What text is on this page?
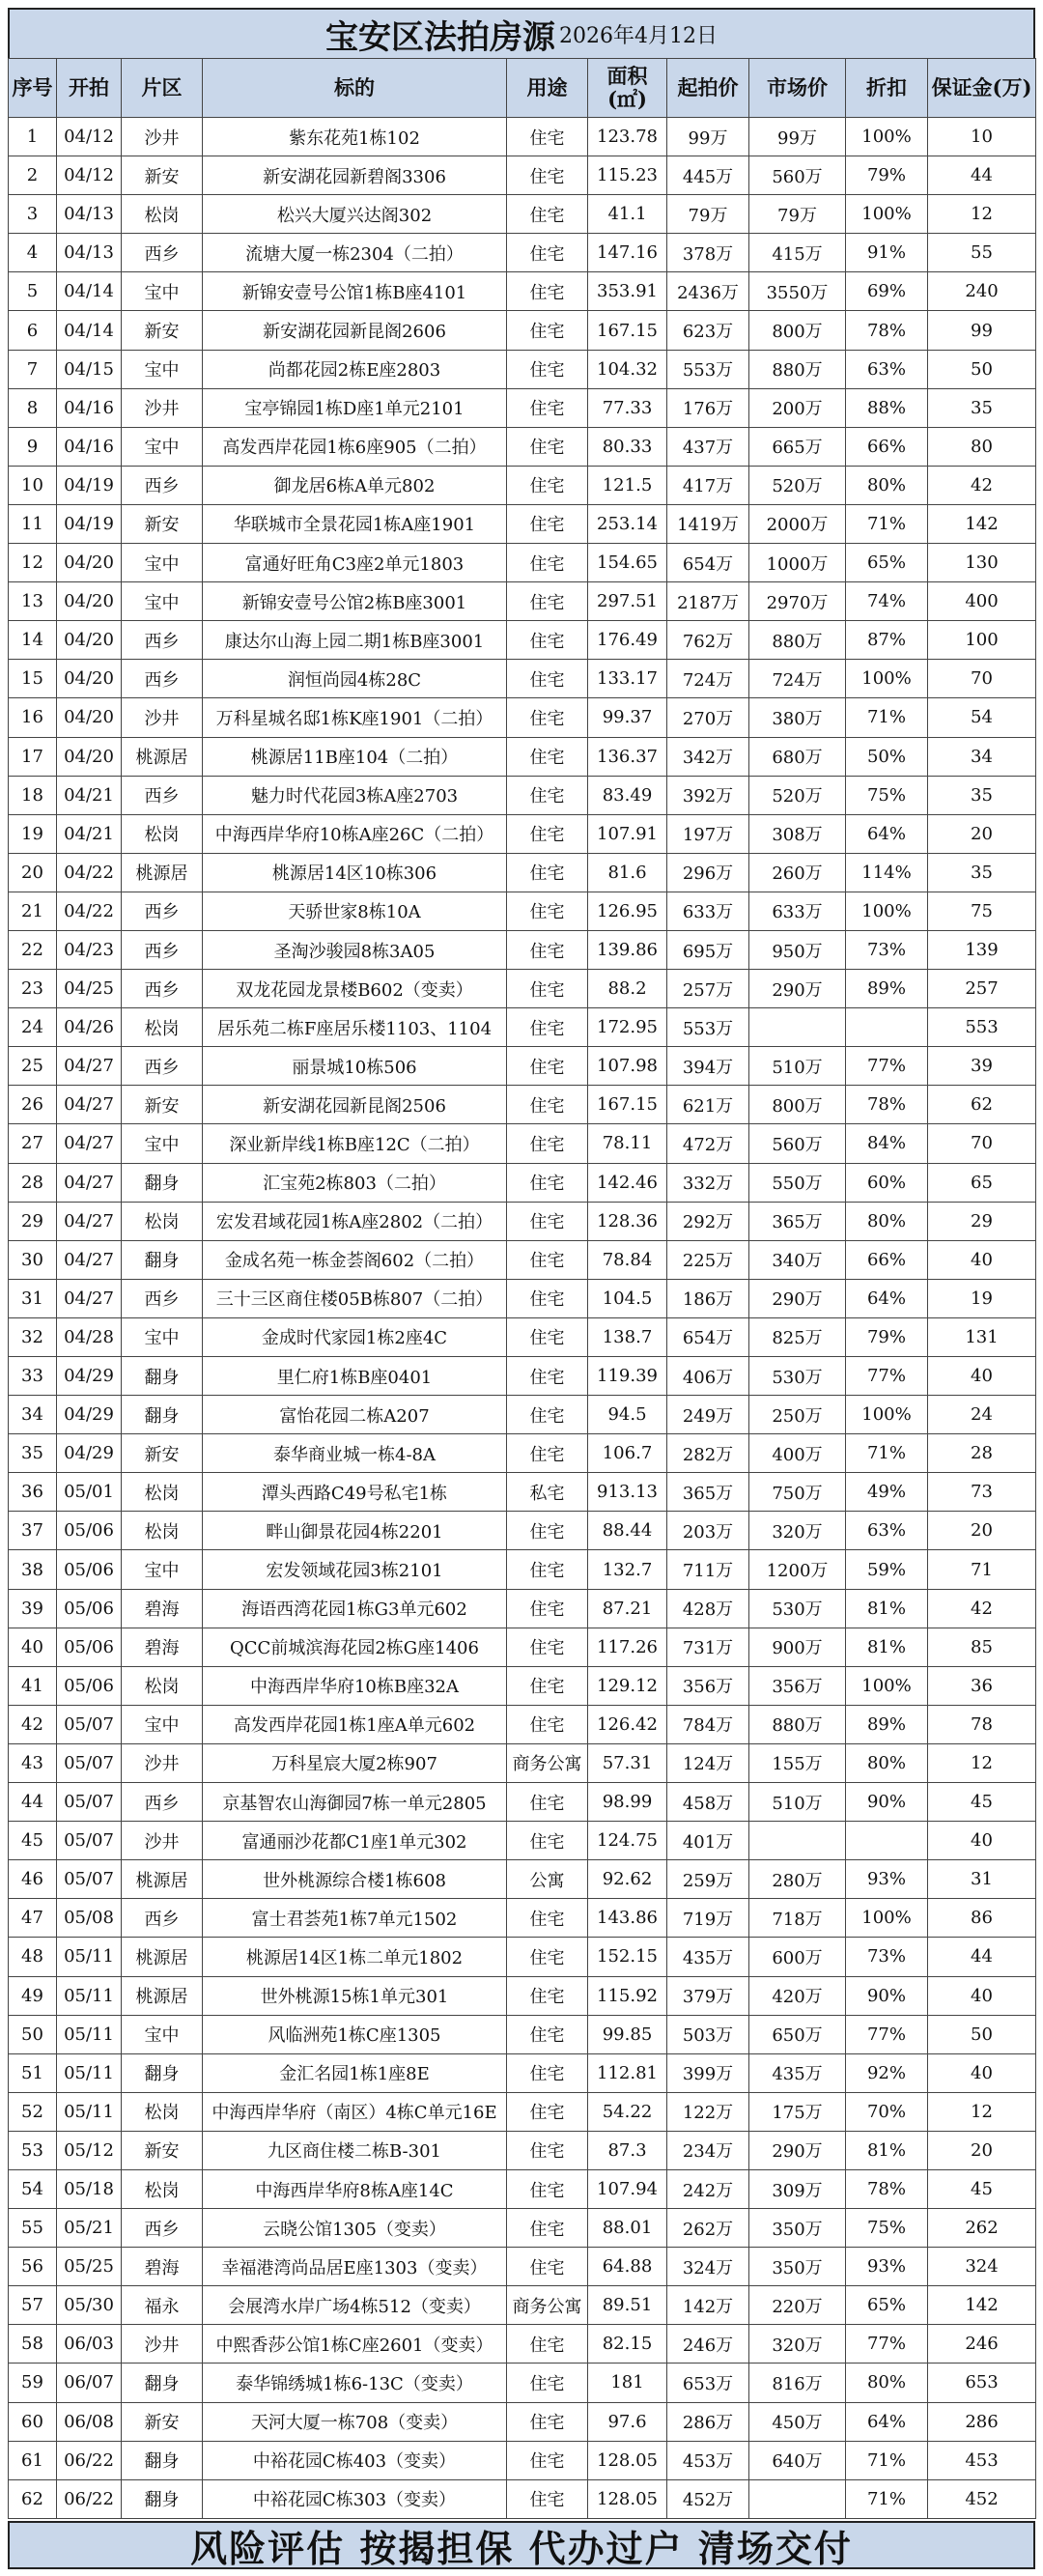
宝安区法拍房源 2026年4月12日
序号	开拍	片区	标的	用途	面积(㎡)	起拍价	市场价	折扣	保证金(万)
1	04/12	沙井	紫东花苑1栋102	住宅	123.78	99万	99万	100%	10
2	04/12	新安	新安湖花园新碧阁3306	住宅	115.23	445万	560万	79%	44
3	04/13	松岗	松兴大厦兴达阁302	住宅	41.1	79万	79万	100%	12
4	04/13	西乡	流塘大厦一栋2304（二拍）	住宅	147.16	378万	415万	91%	55
5	04/14	宝中	新锦安壹号公馆1栋B座4101	住宅	353.91	2436万	3550万	69%	240
6	04/14	新安	新安湖花园新昆阁2606	住宅	167.15	623万	800万	78%	99
7	04/15	宝中	尚都花园2栋E座2803	住宅	104.32	553万	880万	63%	50
8	04/16	沙井	宝亭锦园1栋D座1单元2101	住宅	77.33	176万	200万	88%	35
9	04/16	宝中	高发西岸花园1栋6座905（二拍）	住宅	80.33	437万	665万	66%	80
10	04/19	西乡	御龙居6栋A单元802	住宅	121.5	417万	520万	80%	42
11	04/19	新安	华联城市全景花园1栋A座1901	住宅	253.14	1419万	2000万	71%	142
12	04/20	宝中	富通好旺角C3座2单元1803	住宅	154.65	654万	1000万	65%	130
13	04/20	宝中	新锦安壹号公馆2栋B座3001	住宅	297.51	2187万	2970万	74%	400
14	04/20	西乡	康达尔山海上园二期1栋B座3001	住宅	176.49	762万	880万	87%	100
15	04/20	西乡	润恒尚园4栋28C	住宅	133.17	724万	724万	100%	70
16	04/20	沙井	万科星城名邸1栋K座1901（二拍）	住宅	99.37	270万	380万	71%	54
17	04/20	桃源居	桃源居11B座104（二拍）	住宅	136.37	342万	680万	50%	34
18	04/21	西乡	魅力时代花园3栋A座2703	住宅	83.49	392万	520万	75%	35
19	04/21	松岗	中海西岸华府10栋A座26C（二拍）	住宅	107.91	197万	308万	64%	20
20	04/22	桃源居	桃源居14区10栋306	住宅	81.6	296万	260万	114%	35
21	04/22	西乡	天骄世家8栋10A	住宅	126.95	633万	633万	100%	75
22	04/23	西乡	圣淘沙骏园8栋3A05	住宅	139.86	695万	950万	73%	139
23	04/25	西乡	双龙花园龙景楼B602（变卖）	住宅	88.2	257万	290万	89%	257
24	04/26	松岗	居乐苑二栋F座居乐楼1103、1104	住宅	172.95	553万			553
25	04/27	西乡	丽景城10栋506	住宅	107.98	394万	510万	77%	39
26	04/27	新安	新安湖花园新昆阁2506	住宅	167.15	621万	800万	78%	62
27	04/27	宝中	深业新岸线1栋B座12C（二拍）	住宅	78.11	472万	560万	84%	70
28	04/27	翻身	汇宝苑2栋803（二拍）	住宅	142.46	332万	550万	60%	65
29	04/27	松岗	宏发君域花园1栋A座2802（二拍）	住宅	128.36	292万	365万	80%	29
30	04/27	翻身	金成名苑一栋金荟阁602（二拍）	住宅	78.84	225万	340万	66%	40
31	04/27	西乡	三十三区商住楼05B栋807（二拍）	住宅	104.5	186万	290万	64%	19
32	04/28	宝中	金成时代家园1栋2座4C	住宅	138.7	654万	825万	79%	131
33	04/29	翻身	里仁府1栋B座0401	住宅	119.39	406万	530万	77%	40
34	04/29	翻身	富怡花园二栋A207	住宅	94.5	249万	250万	100%	24
35	04/29	新安	泰华商业城一栋4-8A	住宅	106.7	282万	400万	71%	28
36	05/01	松岗	潭头西路C49号私宅1栋	私宅	913.13	365万	750万	49%	73
37	05/06	松岗	畔山御景花园4栋2201	住宅	88.44	203万	320万	63%	20
38	05/06	宝中	宏发领域花园3栋2101	住宅	132.7	711万	1200万	59%	71
39	05/06	碧海	海语西湾花园1栋G3单元602	住宅	87.21	428万	530万	81%	42
40	05/06	碧海	QCC前城滨海花园2栋G座1406	住宅	117.26	731万	900万	81%	85
41	05/06	松岗	中海西岸华府10栋B座32A	住宅	129.12	356万	356万	100%	36
42	05/07	宝中	高发西岸花园1栋1座A单元602	住宅	126.42	784万	880万	89%	78
43	05/07	沙井	万科星宸大厦2栋907	商务公寓	57.31	124万	155万	80%	12
44	05/07	西乡	京基智农山海御园7栋一单元2805	住宅	98.99	458万	510万	90%	45
45	05/07	沙井	富通丽沙花都C1座1单元302	住宅	124.75	401万			40
46	05/07	桃源居	世外桃源综合楼1栋608	公寓	92.62	259万	280万	93%	31
47	05/08	西乡	富士君荟苑1栋7单元1502	住宅	143.86	719万	718万	100%	86
48	05/11	桃源居	桃源居14区1栋二单元1802	住宅	152.15	435万	600万	73%	44
49	05/11	桃源居	世外桃源15栋1单元301	住宅	115.92	379万	420万	90%	40
50	05/11	宝中	风临洲苑1栋C座1305	住宅	99.85	503万	650万	77%	50
51	05/11	翻身	金汇名园1栋1座8E	住宅	112.81	399万	435万	92%	40
52	05/11	松岗	中海西岸华府（南区）4栋C单元16E	住宅	54.22	122万	175万	70%	12
53	05/12	新安	九区商住楼二栋B-301	住宅	87.3	234万	290万	81%	20
54	05/18	松岗	中海西岸华府8栋A座14C	住宅	107.94	242万	309万	78%	45
55	05/21	西乡	云晓公馆1305（变卖）	住宅	88.01	262万	350万	75%	262
56	05/25	碧海	幸福港湾尚品居E座1303（变卖）	住宅	64.88	324万	350万	93%	324
57	05/30	福永	会展湾水岸广场4栋512（变卖）	商务公寓	89.51	142万	220万	65%	142
58	06/03	沙井	中熙香莎公馆1栋C座2601（变卖）	住宅	82.15	246万	320万	77%	246
59	06/07	翻身	泰华锦绣城1栋6-13C（变卖）	住宅	181	653万	816万	80%	653
60	06/08	新安	天河大厦一栋708（变卖）	住宅	97.6	286万	450万	64%	286
61	06/22	翻身	中裕花园C栋403（变卖）	住宅	128.05	453万	640万	71%	453
62	06/22	翻身	中裕花园C栋303（变卖）	住宅	128.05	452万		71%	452
风险评估 按揭担保 代办过户 清场交付
